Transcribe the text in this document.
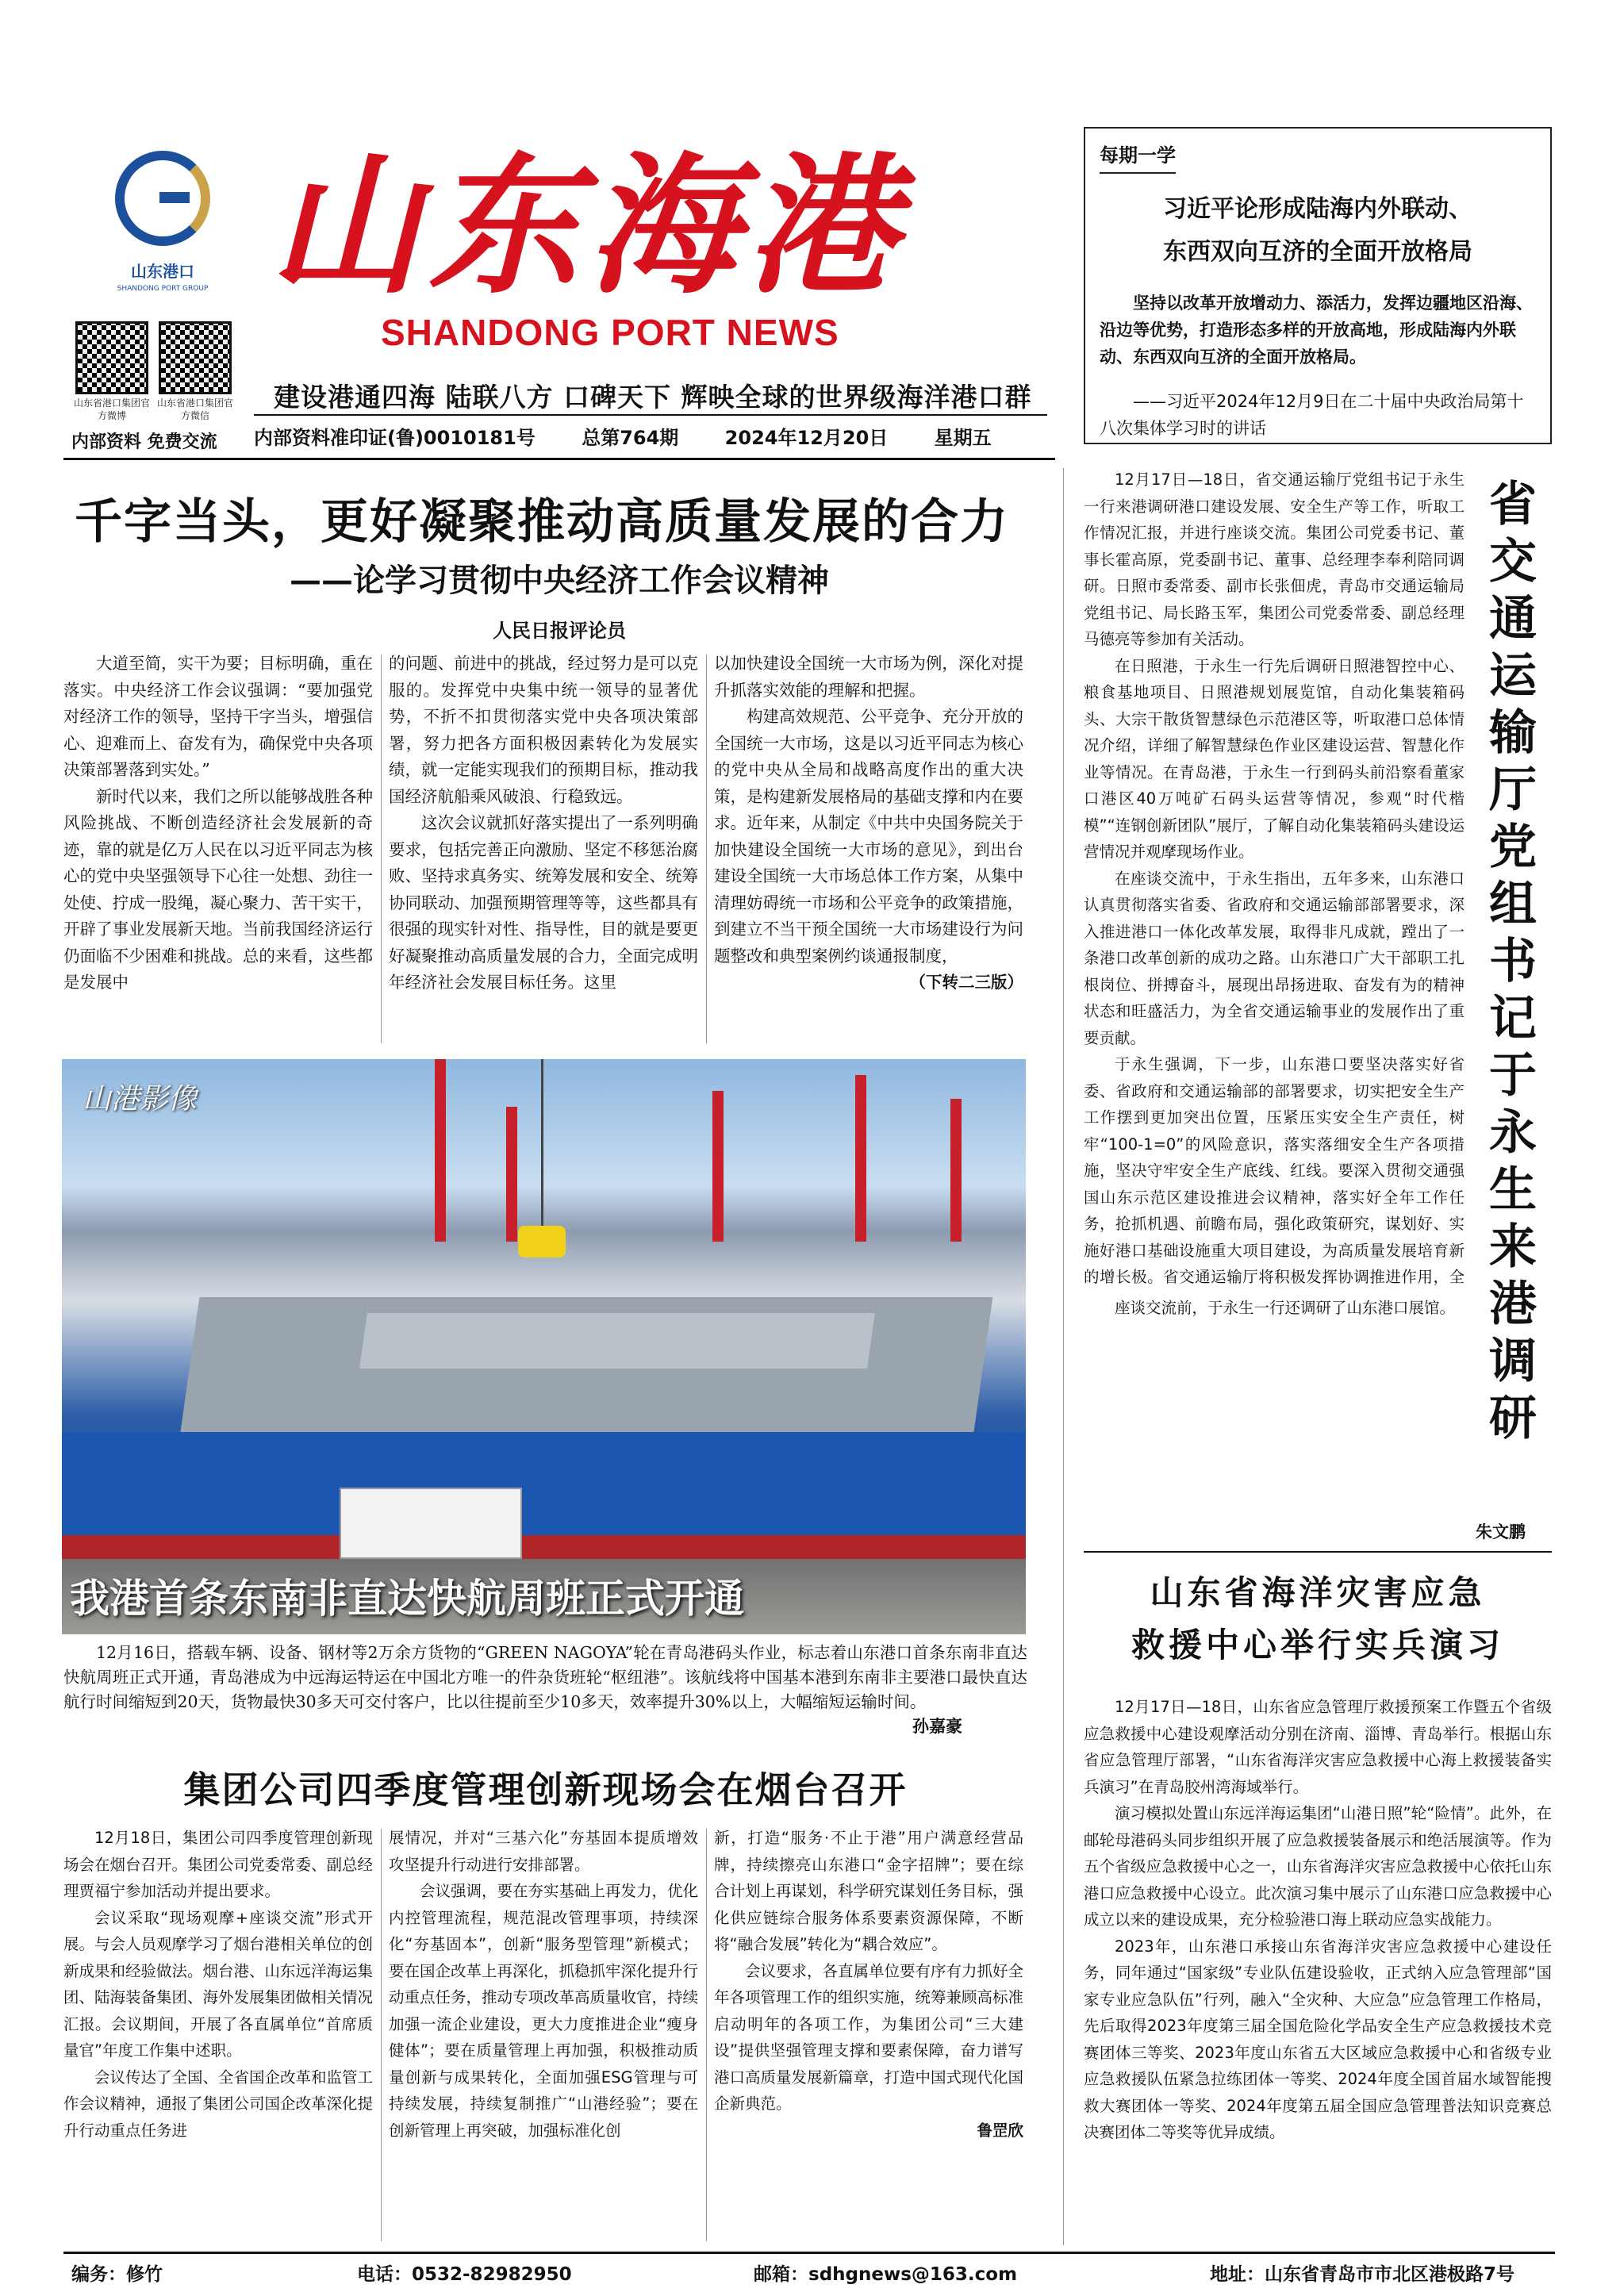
山东港口
SHANDONG PORT GROUP 山东海港
SHANDONG PORT NEWS
山东省港口集团官方微博
山东省港口集团官方微信
内部资料 免费交流
建设港通四海 陆联八方 口碑天下 辉映全球的世界级海洋港口群
内部资料准印证(鲁)0010181号 总第764期 2024年12月20日 星期五
每期一学
习近平论形成陆海内外联动、
东西双向互济的全面开放格局
坚持以改革开放增动力、添活力，发挥边疆地区沿海、沿边等优势，打造形态多样的开放高地，形成陆海内外联动、东西双向互济的全面开放格局。
——习近平2024年12月9日在二十届中央政治局第十八次集体学习时的讲话
千字当头，更好凝聚推动高质量发展的合力
——论学习贯彻中央经济工作会议精神
人民日报评论员

大道至简，实干为要；目标明确，重在落实。中央经济工作会议强调：“要加强党对经济工作的领导，坚持干字当头，增强信心、迎难而上、奋发有为，确保党中央各项决策部署落到实处。”

新时代以来，我们之所以能够战胜各种风险挑战、不断创造经济社会发展新的奇迹，靠的就是亿万人民在以习近平同志为核心的党中央坚强领导下心往一处想、劲往一处使、拧成一股绳，凝心聚力、苦干实干，开辟了事业发展新天地。当前我国经济运行仍面临不少困难和挑战。总的来看，这些都是发展中

的问题、前进中的挑战，经过努力是可以克服的。发挥党中央集中统一领导的显著优势，不折不扣贯彻落实党中央各项决策部署，努力把各方面积极因素转化为发展实绩，就一定能实现我们的预期目标，推动我国经济航船乘风破浪、行稳致远。

这次会议就抓好落实提出了一系列明确要求，包括完善正向激励、坚定不移惩治腐败、坚持求真务实、统筹发展和安全、统筹协同联动、加强预期管理等等，这些都具有很强的现实针对性、指导性，目的就是要更好凝聚推动高质量发展的合力，全面完成明年经济社会发展目标任务。这里

以加快建设全国统一大市场为例，深化对提升抓落实效能的理解和把握。

构建高效规范、公平竞争、充分开放的全国统一大市场，这是以习近平同志为核心的党中央从全局和战略高度作出的重大决策，是构建新发展格局的基础支撑和内在要求。近年来，从制定《中共中央国务院关于加快建设全国统一大市场的意见》，到出台建设全国统一大市场总体工作方案，从集中清理妨碍统一市场和公平竞争的政策措施，到建立不当干预全国统一大市场建设行为问题整改和典型案例约谈通报制度，

（下转二三版）
山港影像
我港首条东南非直达快航周班正式开通
12月16日，搭载车辆、设备、钢材等2万余方货物的“GREEN NAGOYA”轮在青岛港码头作业，标志着山东港口首条东南非直达快航周班正式开通，青岛港成为中远海运特运在中国北方唯一的件杂货班轮“枢纽港”。该航线将中国基本港到东南非主要港口最快直达航行时间缩短到20天，货物最快30多天可交付客户，比以往提前至少10多天，效率提升30%以上，大幅缩短运输时间。
孙嘉豪
集团公司四季度管理创新现场会在烟台召开

12月18日，集团公司四季度管理创新现场会在烟台召开。集团公司党委常委、副总经理贾福宁参加活动并提出要求。

会议采取“现场观摩+座谈交流”形式开展。与会人员观摩学习了烟台港相关单位的创新成果和经验做法。烟台港、山东远洋海运集团、陆海装备集团、海外发展集团做相关情况汇报。会议期间，开展了各直属单位“首席质量官”年度工作集中述职。

会议传达了全国、全省国企改革和监管工作会议精神，通报了集团公司国企改革深化提升行动重点任务进

展情况，并对“三基六化”夯基固本提质增效攻坚提升行动进行安排部署。

会议强调，要在夯实基础上再发力，优化内控管理流程，规范混改管理事项，持续深化“夯基固本”，创新“服务型管理”新模式；要在国企改革上再深化，抓稳抓牢深化提升行动重点任务，推动专项改革高质量收官，持续加强一流企业建设，更大力度推进企业“瘦身健体”；要在质量管理上再加强，积极推动质量创新与成果转化，全面加强ESG管理与可持续发展，持续复制推广“山港经验”；要在创新管理上再突破，加强标准化创

新，打造“服务·不止于港”用户满意经营品牌，持续擦亮山东港口“金字招牌”；要在综合计划上再谋划，科学研究谋划任务目标，强化供应链综合服务体系要素资源保障，不断将“融合发展”转化为“耦合效应”。

会议要求，各直属单位要有序有力抓好全年各项管理工作的组织实施，统筹兼顾高标准启动明年的各项工作，为集团公司“三大建设”提供坚强管理支撑和要素保障，奋力谱写港口高质量发展新篇章，打造中国式现代化国企新典范。

鲁罡欣
省交通运输厅党组书记于永生来港调研

12月17日—18日，省交通运输厅党组书记于永生一行来港调研港口建设发展、安全生产等工作，听取工作情况汇报，并进行座谈交流。集团公司党委书记、董事长霍高原，党委副书记、董事、总经理李奉利陪同调研。日照市委常委、副市长张佃虎，青岛市交通运输局党组书记、局长路玉军，集团公司党委常委、副总经理马德亮等参加有关活动。

在日照港，于永生一行先后调研日照港智控中心、粮食基地项目、日照港规划展览馆，自动化集装箱码头、大宗干散货智慧绿色示范港区等，听取港口总体情况介绍，详细了解智慧绿色作业区建设运营、智慧化作业等情况。在青岛港，于永生一行到码头前沿察看董家口港区40万吨矿石码头运营等情况，参观“时代楷模”“连钢创新团队”展厅，了解自动化集装箱码头建设运营情况并观摩现场作业。

在座谈交流中，于永生指出，五年多来，山东港口认真贯彻落实省委、省政府和交通运输部部署要求，深入推进港口一体化改革发展，取得非凡成就，蹚出了一条港口改革创新的成功之路。山东港口广大干部职工扎根岗位、拼搏奋斗，展现出昂扬进取、奋发有为的精神状态和旺盛活力，为全省交通运输事业的发展作出了重要贡献。

于永生强调，下一步，山东港口要坚决落实好省委、省政府和交通运输部的部署要求，切实把安全生产工作摆到更加突出位置，压紧压实安全生产责任，树牢“100-1=0”的风险意识，落实落细安全生产各项措施，坚决守牢安全生产底线、红线。要深入贯彻交通强国山东示范区建设推进会议精神，落实好全年工作任务，抢抓机遇、前瞻布局，强化政策研究，谋划好、实施好港口基础设施重大项目建设，为高质量发展培育新的增长极。省交通运输厅将积极发挥协调推进作用，全

座谈交流前，于永生一行还调研了山东港口展馆。

朱文鹏
山东省海洋灾害应急
救援中心举行实兵演习

12月17日—18日，山东省应急管理厅救援预案工作暨五个省级应急救援中心建设观摩活动分别在济南、淄博、青岛举行。根据山东省应急管理厅部署，“山东省海洋灾害应急救援中心海上救援装备实兵演习”在青岛胶州湾海域举行。

演习模拟处置山东远洋海运集团“山港日照”轮“险情”。此外，在邮轮母港码头同步组织开展了应急救援装备展示和绝活展演等。作为五个省级应急救援中心之一，山东省海洋灾害应急救援中心依托山东港口应急救援中心设立。此次演习集中展示了山东港口应急救援中心成立以来的建设成果，充分检验港口海上联动应急实战能力。

2023年，山东港口承接山东省海洋灾害应急救援中心建设任务，同年通过“国家级”专业队伍建设验收，正式纳入应急管理部“国家专业应急队伍”行列，融入“全灾种、大应急”应急管理工作格局，先后取得2023年度第三届全国危险化学品安全生产应急救援技术竞赛团体三等奖、2023年度山东省五大区域应急救援中心和省级专业应急救援队伍紧急拉练团体一等奖、2024年度全国首届水域智能搜救大赛团体一等奖、2024年度第五届全国应急管理普法知识竞赛总决赛团体二等奖等优异成绩。

编务：修竹	电话：0532-82982950	邮箱：sdhgnews@163.com	地址：山东省青岛市市北区港极路7号
